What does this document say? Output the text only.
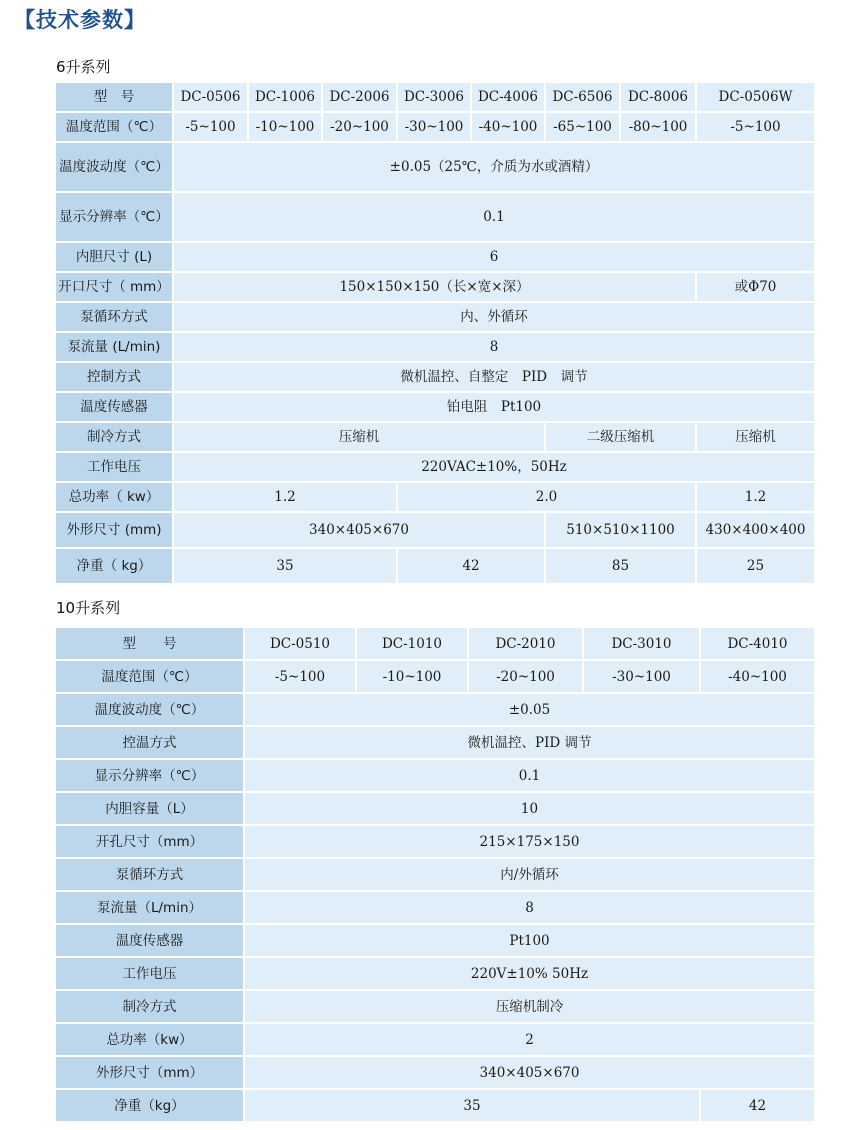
【技术参数】
6升系列
型　号	DC-0506	DC-1006	DC-2006	DC-3006	DC-4006	DC-6506	DC-8006	DC-0506W
温度范围（℃）	-5~100	-10~100	-20~100	-30~100	-40~100	-65~100	-80~100	-5~100
温度波动度（℃）	±0.05（25℃，介质为水或酒精）							
显示分辨率（℃）	0.1							
内胆尺寸 (L)	6							
开口尺寸（ mm）	150×150×150（长×宽×深）							或Φ70
泵循环方式	内、外循环							
泵流量 (L/min)	8							
控制方式	微机温控、自整定　PID　调节							
温度传感器	铂电阻　Pt100							
制冷方式	压缩机					二级压缩机		压缩机
工作电压	220VAC±10%，50Hz							
总功率（ kw）	1.2			2.0				1.2
外形尺寸 (mm)	340×405×670					510×510×1100		430×400×400
净重（ kg）	35			42		85		25
10升系列
型　　号	DC-0510	DC-1010	DC-2010	DC-3010	DC-4010
温度范围（℃）	-5~100	-10~100	-20~100	-30~100	-40~100
温度波动度（℃）	±0.05				
控温方式	微机温控、PID 调节				
显示分辨率（℃）	0.1				
内胆容量（L）	10				
开孔尺寸（mm）	215×175×150				
泵循环方式	内/外循环				
泵流量（L/min）	8				
温度传感器	Pt100				
工作电压	220V±10% 50Hz				
制冷方式	压缩机制冷				
总功率（kw）	2				
外形尺寸（mm）	340×405×670				
净重（kg）	35				42
